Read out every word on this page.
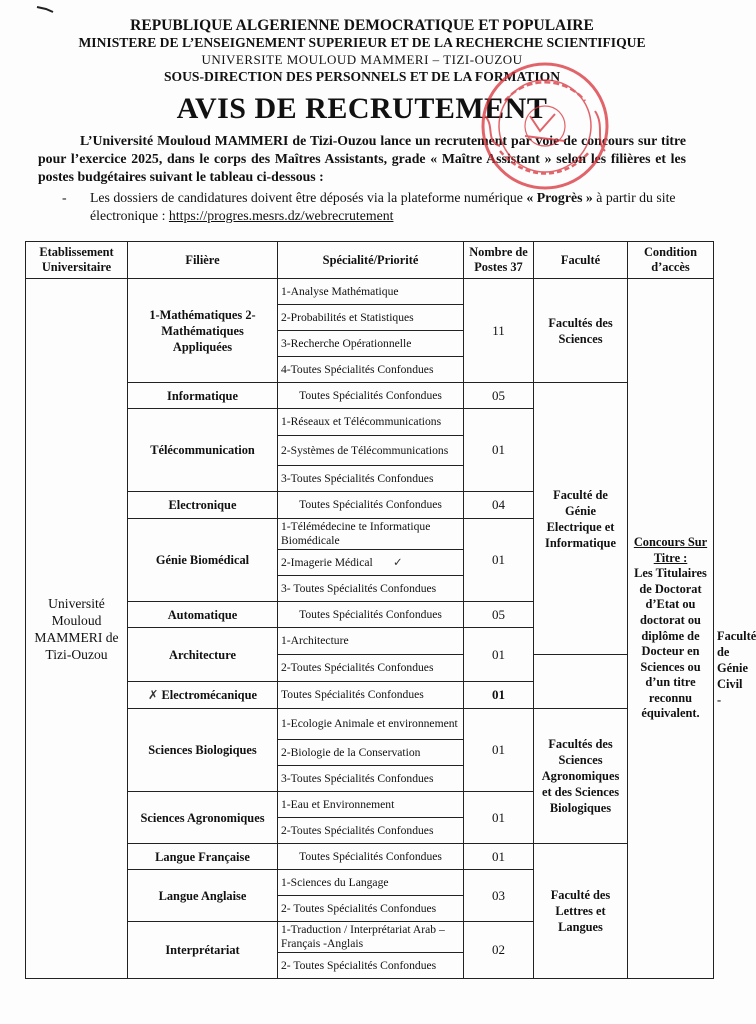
REPUBLIQUE ALGERIENNE DEMOCRATIQUE ET POPULAIRE
MINISTERE DE L’ENSEIGNEMENT SUPERIEUR ET DE LA RECHERCHE SCIENTIFIQUE
UNIVERSITE MOULOUD MAMMERI – TIZI-OUZOU
SOUS-DIRECTION DES PERSONNELS ET DE LA FORMATION
AVIS DE RECRUTEMENT
L’Université Mouloud MAMMERI de Tizi-Ouzou lance un recrutement par voie de concours sur titre pour l’exercice 2025, dans le corps des Maîtres Assistants, grade « Maître Assistant » selon les filières et les postes budgétaires suivant le tableau ci-dessous :
-	Les dossiers de candidatures doivent être déposés via la plateforme numérique « Progrès » à partir du site électronique : https://progres.mesrs.dz/webrecrutement
Etablissement Universitaire	Filière	Spécialité/Priorité	Nombre de Postes 37	Faculté	Condition d’accès	
Université Mouloud MAMMERI de Tizi-Ouzou	1-Mathématiques 2-Mathématiques Appliquées	1-Analyse Mathématique	11	Facultés des Sciences	Concours Sur Titre :
Les Titulaires de Doctorat d’Etat ou doctorat ou diplôme de Docteur en Sciences ou d’un titre reconnu équivalent.	
		2-Probabilités et Statistiques				
		3-Recherche Opérationnelle				
		4-Toutes Spécialités Confondues				
	Informatique	Toutes Spécialités Confondues	05	Faculté de Génie Electrique et Informatique		
	Télécommunication	1-Réseaux et Télécommunications	01			
		2-Systèmes de Télécommunications				
		3-Toutes Spécialités Confondues				
	Electronique	Toutes Spécialités Confondues	04			
	Génie Biomédical	1-Télémédecine te Informatique Biomédicale	01			
		2-Imagerie Médical ✓				
		3- Toutes Spécialités Confondues				
	Automatique	Toutes Spécialités Confondues	05			
	Architecture	1-Architecture	01			Faculté de Génie Civil -
		2-Toutes Spécialités Confondues				
	✗ Electromécanique	Toutes Spécialités Confondues	01			
	Sciences Biologiques	1-Ecologie Animale et environnement	01	Facultés des Sciences Agronomiques et des Sciences Biologiques		
		2-Biologie de la Conservation				
		3-Toutes Spécialités Confondues				
	Sciences Agronomiques	1-Eau et Environnement	01			
		2-Toutes Spécialités Confondues				
	Langue Française	Toutes Spécialités Confondues	01	Faculté des Lettres et Langues		
	Langue Anglaise	1-Sciences du Langage	03			
		2- Toutes Spécialités Confondues				
	Interprétariat	1-Traduction / Interprétariat Arab – Français -Anglais	02			
		2- Toutes Spécialités Confondues				
